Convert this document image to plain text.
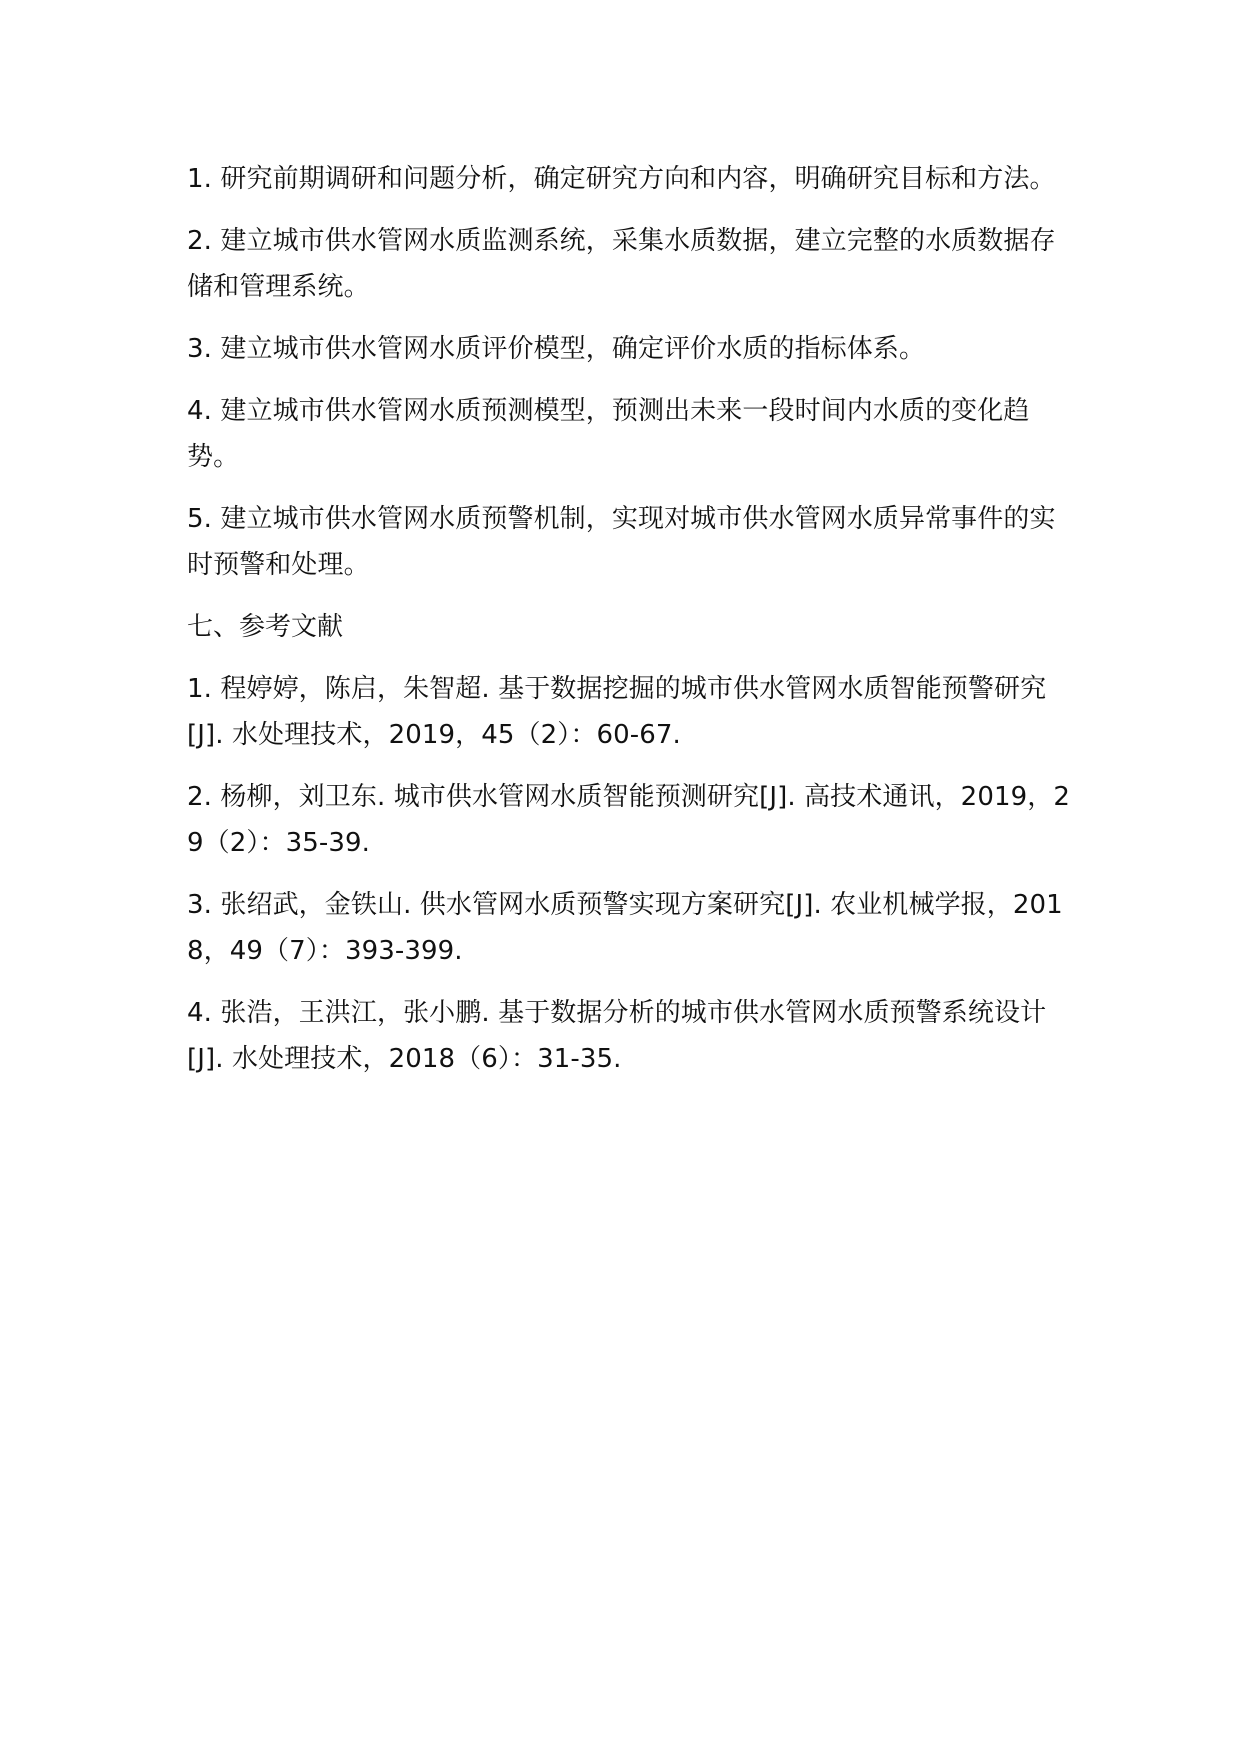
1. 研究前期调研和问题分析，确定研究方向和内容，明确研究目标和方法。

2. 建立城市供水管网水质监测系统，采集水质数据，建立完整的水质数据存储和管理系统。

3. 建立城市供水管网水质评价模型，确定评价水质的指标体系。

4. 建立城市供水管网水质预测模型，预测出未来一段时间内水质的变化趋势。

5. 建立城市供水管网水质预警机制，实现对城市供水管网水质异常事件的实时预警和处理。

七、参考文献

1. 程婷婷，陈启，朱智超. 基于数据挖掘的城市供水管网水质智能预警研究[J]. 水处理技术，2019，45（2）：60-67.

2. 杨柳，刘卫东. 城市供水管网水质智能预测研究[J]. 高技术通讯，2019，29（2）：35-39.

3. 张绍武，金铁山. 供水管网水质预警实现方案研究[J]. 农业机械学报，2018，49（7）：393-399.

4. 张浩，王洪江，张小鹏. 基于数据分析的城市供水管网水质预警系统设计[J]. 水处理技术，2018（6）：31-35.
